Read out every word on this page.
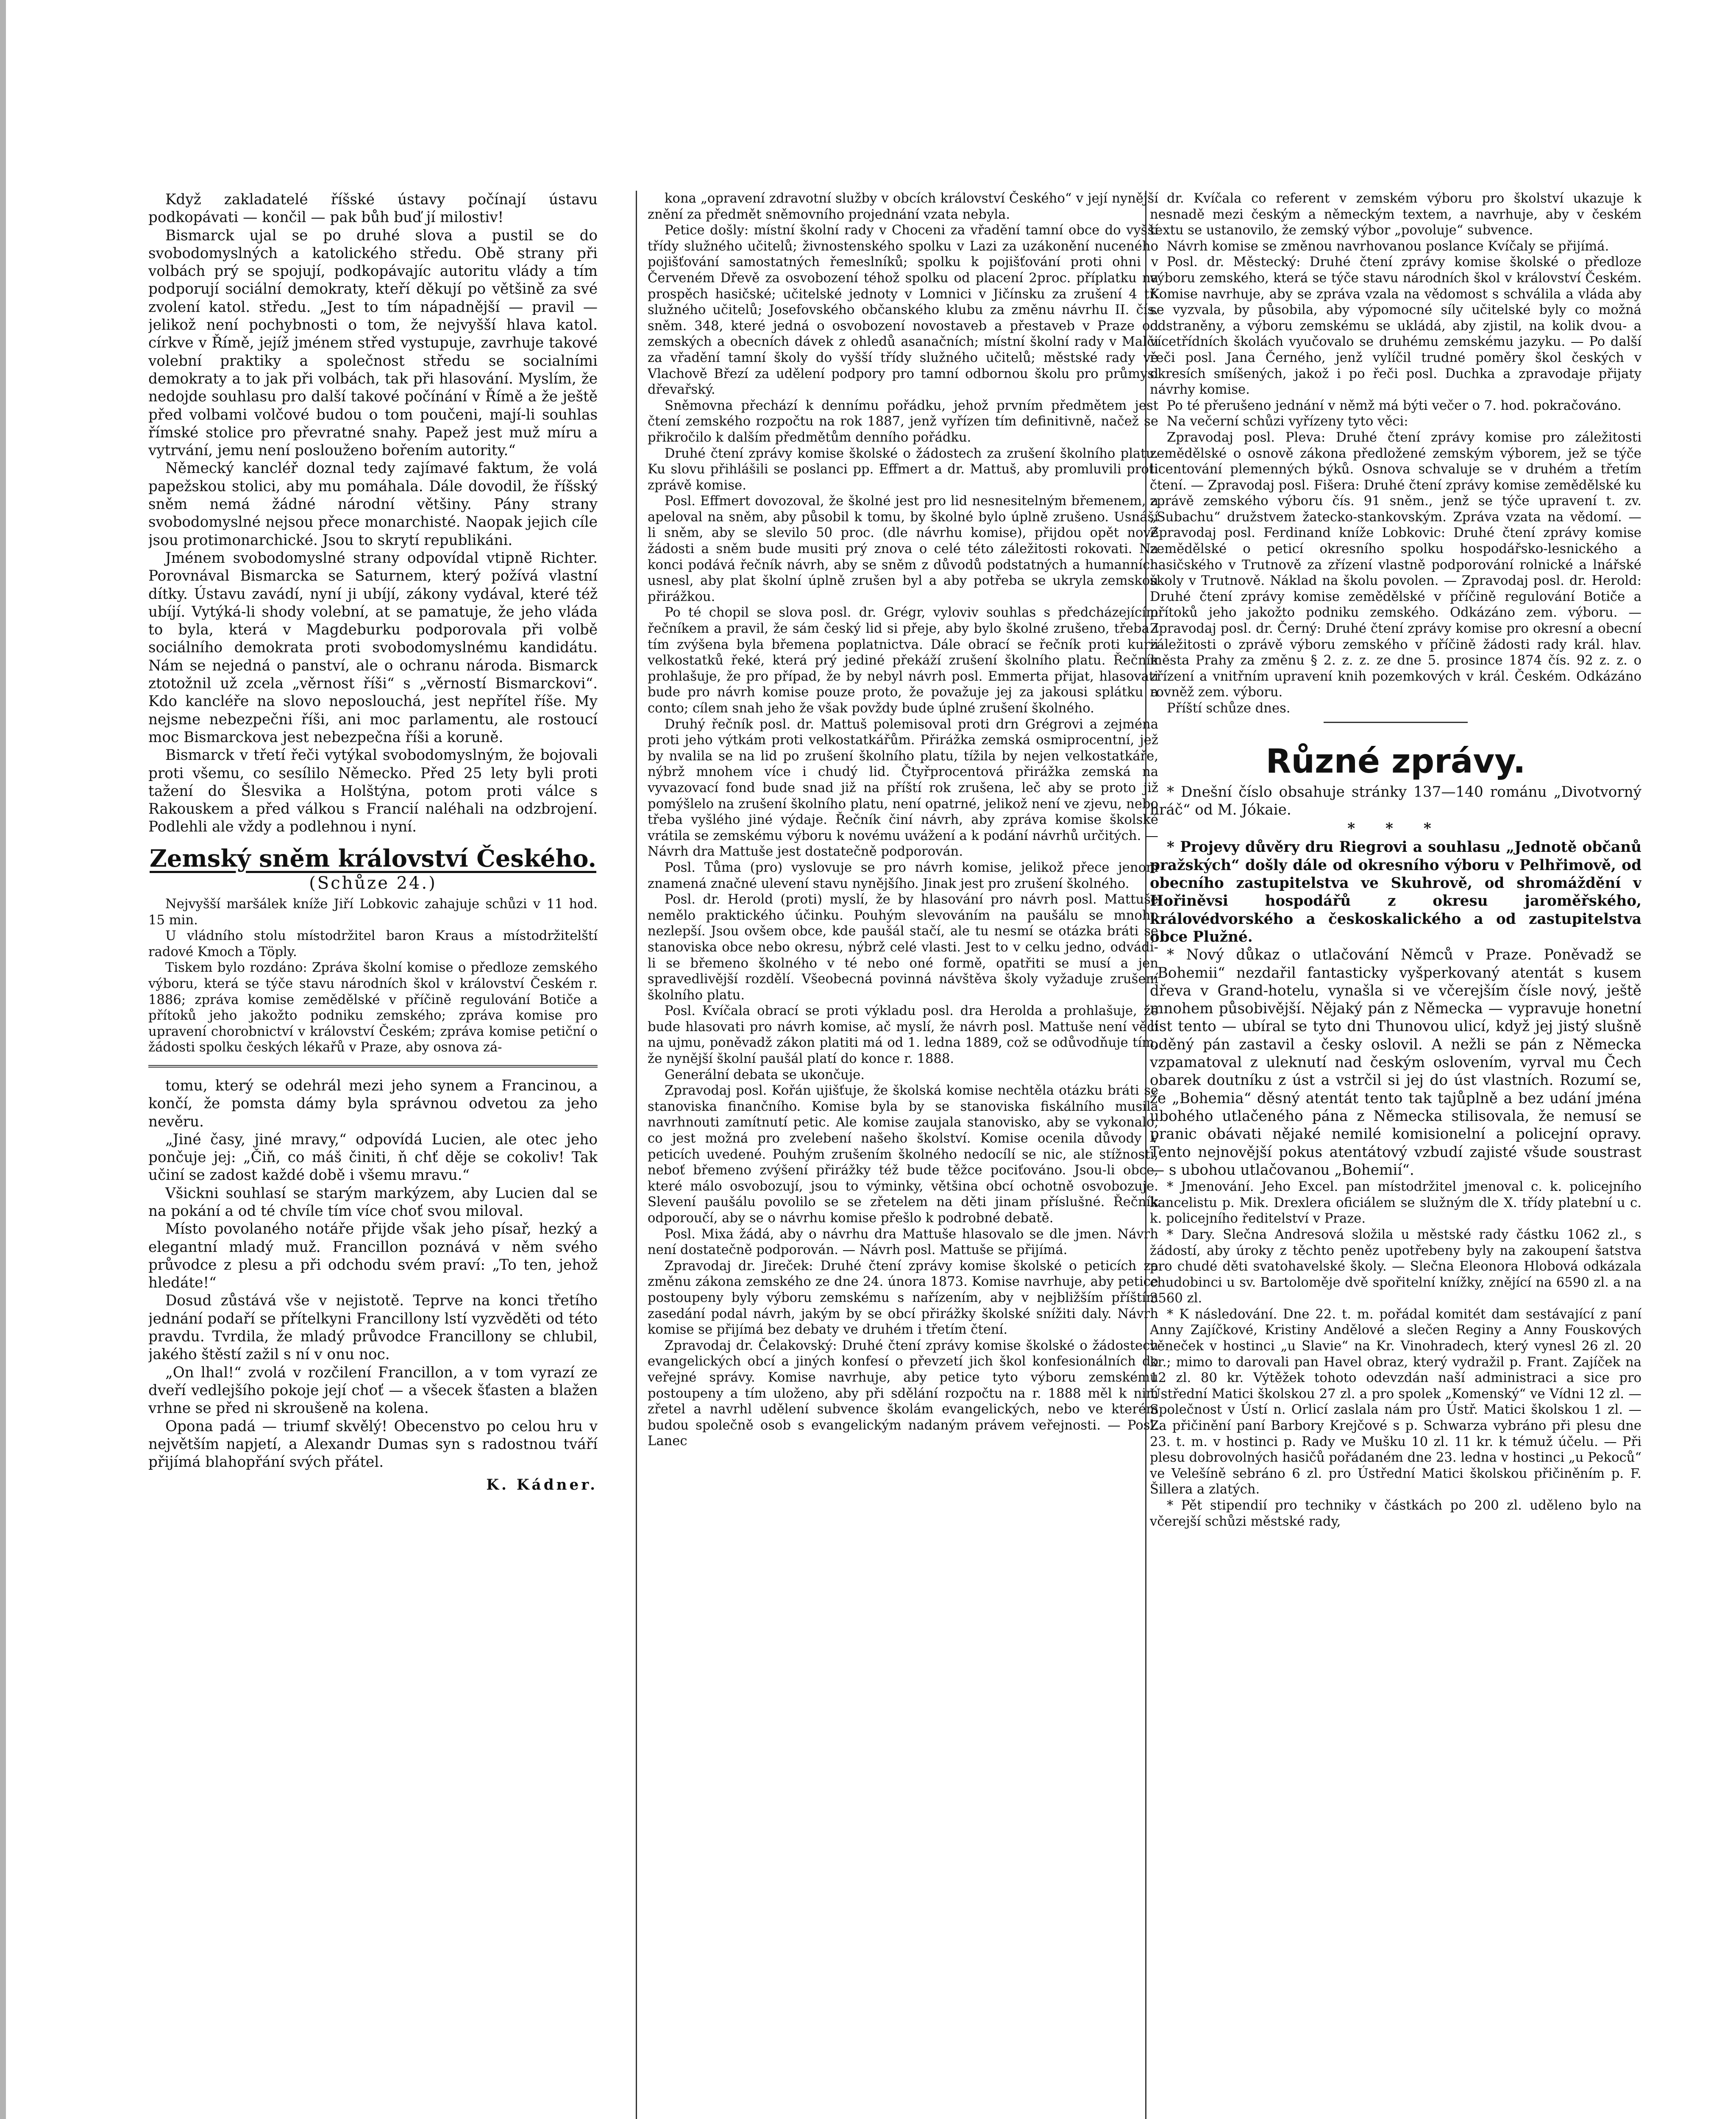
Když zakladatelé říšské ústavy počínají ústavu podkopávati — končil — pak bůh buď jí milostiv!

Bismarck ujal se po druhé slova a pustil se do svobodomyslných a katolického středu. Obě strany při volbách prý se spojují, podkopávajíc autoritu vlády a tím podporují sociální demokraty, kteří děkují po většině za své zvolení katol. středu. „Jest to tím nápadnější — pravil — jelikož není pochybnosti o tom, že nejvyšší hlava katol. církve v Římě, jejíž jménem střed vystupuje, zavrhuje takové volební praktiky a společnost středu se socialními demokraty a to jak při volbách, tak při hlasování. Myslím, že nedojde souhlasu pro další takové počínání v Římě a že ještě před volbami volčové budou o tom poučeni, mají-li souhlas římské stolice pro převratné snahy. Papež jest muž míru a vytrvání, jemu není poslouženo bořením autority.“

Německý kancléř doznal tedy zajímavé faktum, že volá papežskou stolici, aby mu pomáhala. Dále dovodil, že říšský sněm nemá žádné národní většiny. Pány strany svobodomyslné nejsou přece monarchisté. Naopak jejich cíle jsou protimonarchické. Jsou to skrytí republikáni.

Jménem svobodomyslné strany odpovídal vtipně Richter. Porovnával Bismarcka se Saturnem, který požívá vlastní dítky. Ústavu zavádí, nyní ji ubíjí, zákony vydával, které též ubíjí. Vytýká-li shody volební, at se pamatuje, že jeho vláda to byla, která v Magdeburku podporovala při volbě sociálního demokrata proti svobodomyslnému kandidátu. Nám se nejedná o panství, ale o ochranu národa. Bismarck ztotožnil už zcela „věrnost říši“ s „věrností Bismarckovi“. Kdo kancléře na slovo neposlouchá, jest nepřítel říše. My nejsme nebezpečni říši, ani moc parlamentu, ale rostoucí moc Bismarckova jest nebezpečna říši a koruně.

Bismarck v třetí řeči vytýkal svobodomyslným, že bojovali proti všemu, co sesílilo Německo. Před 25 lety byli proti tažení do Šlesvika a Holštýna, potom proti válce s Rakouskem a před válkou s Francií naléhali na odzbrojení. Podlehli ale vždy a podlehnou i nyní.

Zemský sněm království Českého.

(Schůze 24.)

Nejvyšší maršálek kníže Jiří Lobkovic zahajuje schůzi v 11 hod. 15 min.

U vládního stolu místodržitel baron Kraus a místodržitelští radové Kmoch a Töply.

Tiskem bylo rozdáno: Zpráva školní komise o předloze zemského výboru, která se týče stavu národních škol v království Českém r. 1886; zpráva komise zemědělské v příčině regulování Botiče a přítoků jeho jakožto podniku zemského; zpráva komise pro upravení chorobnictví v království Českém; zpráva komise petiční o žádosti spolku českých lékařů v Praze, aby osnova zá-

tomu, který se odehrál mezi jeho synem a Francinou, a končí, že pomsta dámy byla správnou odvetou za jeho nevěru.

„Jiné časy, jiné mravy,“ odpovídá Lucien, ale otec jeho pončuje jej: „Čiň, co máš činiti, ň chť děje se cokoliv! Tak učiní se zadost každé době i všemu mravu.“

Všickni souhlasí se starým markýzem, aby Lucien dal se na pokání a od té chvíle tím více choť svou miloval.

Místo povolaného notáře přijde však jeho písař, hezký a elegantní mladý muž. Francillon poznává v něm svého průvodce z plesu a při odchodu svém praví: „To ten, jehož hledáte!“

Dosud zůstává vše v nejistotě. Teprve na konci třetího jednání podaří se přítelkyni Francillony lstí vyzvěděti od této pravdu. Tvrdila, že mladý průvodce Francillony se chlubil, jakého štěstí zažil s ní v onu noc.

„On lhal!“ zvolá v rozčilení Francillon, a v tom vyrazí ze dveří vedlejšího pokoje její choť — a všecek šťasten a blažen vrhne se před ni skroušeně na kolena.

Opona padá — triumf skvělý! Obecenstvo po celou hru v největším napjetí, a Alexandr Dumas syn s radostnou tváří přijímá blahopřání svých přátel.

K. Kádner.

kona „opravení zdravotní služby v obcích království Českého“ v její nynější znění za předmět sněmovního projednání vzata nebyla.

Petice došly: místní školní rady v Choceni za vřadění tamní obce do vyšší třídy služného učitelů; živnostenského spolku v Lazi za uzákonění nuceného pojišťování samostatných řemeslníků; spolku k pojišťování proti ohni v Červeném Dřevě za osvobození téhož spolku od placení 2proc. příplatku na prospěch hasičské; učitelské jednoty v Lomnici v Jičínsku za zrušení 4 tř. služného učitelů; Josefovského občanského klubu za změnu návrhu II. čís. sněm. 348, které jedná o osvobození novostaveb a přestaveb v Praze od zemských a obecních dávek z ohledů asanačních; místní školní rady v Malči za vřadění tamní školy do vyšší třídy služného učitelů; městské rady ve Vlachově Březí za udělení podpory pro tamní odbornou školu pro průmysl dřevařský.

Sněmovna přechází k dennímu pořádku, jehož prvním předmětem jest čtení zemského rozpočtu na rok 1887, jenž vyřízen tím definitivně, načež se přikročilo k dalším předmětům denního pořádku.

Druhé čtení zprávy komise školské o žádostech za zrušení školního platu. Ku slovu přihlášili se poslanci pp. Effmert a dr. Mattuš, aby promluvili proti zprávě komise.

Posl. Effmert dovozoval, že školné jest pro lid nesnesitelným břemenem, a apeloval na sněm, aby působil k tomu, by školné bylo úplně zrušeno. Usnáší li sněm, aby se slevilo 50 proc. (dle návrhu komise), přijdou opět nové žádosti a sněm bude musiti prý znova o celé této záležitosti rokovati. Na konci podává řečník návrh, aby se sněm z důvodů podstatných a humanních usnesl, aby plat školní úplně zrušen byl a aby potřeba se ukryla zemskou přirážkou.

Po té chopil se slova posl. dr. Grégr, vyloviv souhlas s předcházejícím řečníkem a pravil, že sám český lid si přeje, aby bylo školné zrušeno, třeba i tím zvýšena byla břemena poplatnictva. Dále obrací se řečník proti kurii velkostatků řeké, která prý jediné překáží zrušení školního platu. Řečník prohlašuje, že pro případ, že by nebyl návrh posl. Emmerta přijat, hlasovati bude pro návrh komise pouze proto, že považuje jej za jakousi splátku a conto; cílem snah jeho že však povždy bude úplné zrušení školného.

Druhý řečník posl. dr. Mattuš polemisoval proti drn Grégrovi a zejména proti jeho výtkám proti velkostatkářům. Přirážka zemská osmiprocentní, jež by nvalila se na lid po zrušení školního platu, tížila by nejen velkostatkáře, nýbrž mnohem více i chudý lid. Čtyřprocentová přirážka zemská na vyvazovací fond bude snad již na příští rok zrušena, leč aby se proto již pomýšlelo na zrušení školního platu, není opatrné, jelikož není ve zjevu, nebo třeba vyšlého jiné výdaje. Řečník činí návrh, aby zpráva komise školské vrátila se zemskému výboru k novému uvážení a k podání návrhů určitých. — Návrh dra Mattuše jest dostatečně podporován.

Posl. Tůma (pro) vyslovuje se pro návrh komise, jelikož přece jenom znamená značné ulevení stavu nynějšího. Jinak jest pro zrušení školného.

Posl. dr. Herold (proti) myslí, že by hlasování pro návrh posl. Mattuše nemělo praktického účinku. Pouhým slevováním na paušálu se mnoho nezlepší. Jsou ovšem obce, kde paušál stačí, ale tu nesmí se otázka bráti se stanoviska obce nebo okresu, nýbrž celé vlasti. Jest to v celku jedno, odvádí-li se břemeno školného v té nebo oné formě, opatřiti se musí a jen spravedlivější rozdělí. Všeobecná povinná návštěva školy vyžaduje zrušení školního platu.

Posl. Kvíčala obrací se proti výkladu posl. dra Herolda a prohlašuje, že bude hlasovati pro návrh komise, ač myslí, že návrh posl. Mattuše není věcí na ujmu, poněvadž zákon platiti má od 1. ledna 1889, což se odůvodňuje tím, že nynější školní paušál platí do konce r. 1888.

Generální debata se ukončuje.

Zpravodaj posl. Kořán ujišťuje, že školská komise nechtěla otázku bráti se stanoviska finančního. Komise byla by se stanoviska fiskálního musila navrhnouti zamítnutí petic. Ale komise zaujala stanovisko, aby se vykonalo, co jest možná pro zvelebení našeho školství. Komise ocenila důvody v peticích uvedené. Pouhým zrušením školného nedocílí se nic, ale stížnosti, neboť břemeno zvýšení přirážky též bude těžce pociťováno. Jsou-li obce, které málo osvobozují, jsou to výminky, většina obcí ochotně osvobozuje. Slevení paušálu povolilo se se zřetelem na děti jinam příslušné. Řečník odporoučí, aby se o návrhu komise přešlo k podrobné debatě.

Posl. Mixa žádá, aby o návrhu dra Mattuše hlasovalo se dle jmen. Návrh není dostatečně podporován. — Návrh posl. Mattuše se přijímá.

Zpravodaj dr. Jireček: Druhé čtení zprávy komise školské o peticích za změnu zákona zemského ze dne 24. února 1873. Komise navrhuje, aby petice postoupeny byly výboru zemskému s nařízením, aby v nejbližším příštím zasedání podal návrh, jakým by se obcí přirážky školské snížiti daly. Návrh komise se přijímá bez debaty ve druhém i třetím čtení.

Zpravodaj dr. Čelakovský: Druhé čtení zprávy komise školské o žádostech evangelických obcí a jiných konfesí o převzetí jich škol konfesionálních do veřejné správy. Komise navrhuje, aby petice tyto výboru zemskému postoupeny a tím uloženo, aby při sdělání rozpočtu na r. 1888 měl k nim zřetel a navrhl udělení subvence školám evangelických, nebo ve kterém budou společně osob s evangelickým nadaným právem veřejnosti. — Posl. Lanec

dr. Kvíčala co referent v zemském výboru pro školství ukazuje k nesnadě mezi českým a německým textem, a navrhuje, aby v českém textu se ustanovilo, že zemský výbor „povoluje“ subvence.

Návrh komise se změnou navrhovanou poslance Kvíčaly se přijímá.

Posl. dr. Městecký: Druhé čtení zprávy komise školské o předloze výboru zemského, která se týče stavu národních škol v království Českém. Komise navrhuje, aby se zpráva vzala na vědomost s schválila a vláda aby se vyzvala, by působila, aby výpomocné síly učitelské byly co možná odstraněny, a výboru zemskému se ukládá, aby zjistil, na kolik dvou- a vícetřídních školách vyučovalo se druhému zemskému jazyku. — Po další řeči posl. Jana Černého, jenž vylíčil trudné poměry škol českých v okresích smíšených, jakož i po řeči posl. Duchka a zpravodaje přijaty návrhy komise.

Po té přerušeno jednání v němž má býti večer o 7. hod. pokračováno.

Na večerní schůzi vyřízeny tyto věci:

Zpravodaj posl. Pleva: Druhé čtení zprávy komise pro záležitosti zemědělské o osnově zákona předložené zemským výborem, jež se týče licentování plemenných býků. Osnova schvaluje se v druhém a třetím čtení. — Zpravodaj posl. Fišera: Druhé čtení zprávy komise zemědělské ku zprávě zemského výboru čís. 91 sněm., jenž se týče upravení t. zv. „Subachu“ družstvem žatecko-stankovským. Zpráva vzata na vědomí. — Zpravodaj posl. Ferdinand kníže Lobkovic: Druhé čtení zprávy komise zemědělské o peticí okresního spolku hospodářsko-lesnického a hasičského v Trutnově za zřízení vlastně podporování rolnické a lnářské školy v Trutnově. Náklad na školu povolen. — Zpravodaj posl. dr. Herold: Druhé čtení zprávy komise zemědělské v příčině regulování Botiče a přítoků jeho jakožto podniku zemského. Odkázáno zem. výboru. — Zpravodaj posl. dr. Černý: Druhé čtení zprávy komise pro okresní a obecní záležitosti o zprávě výboru zemského v příčině žádosti rady král. hlav. města Prahy za změnu § 2. z. z. ze dne 5. prosince 1874 čís. 92 z. z. o zřízení a vnitřním upravení knih pozemkových v král. Českém. Odkázáno rovněž zem. výboru.

Příští schůze dnes.

Různé zprávy.

* Dnešní číslo obsahuje stránky 137—140 románu „Divotvorný hráč“ od M. Jókaie.

* * *

* Projevy důvěry dru Riegrovi a souhlasu „Jednotě občanů pražských“ došly dále od okresního výboru v Pelhřimově, od obecního zastupitelstva ve Skuhrově, od shromáždění v Hořiněvsi hospodářů z okresu jaroměřského, královédvorského a českoskalického a od zastupitelstva obce Plužné.

* Nový důkaz o utlačování Němců v Praze. Poněvadž se „Bohemii“ nezdařil fantasticky vyšperkovaný atentát s kusem dřeva v Grand-hotelu, vynašla si ve včerejším čísle nový, ještě mnohem působivější. Nějaký pán z Německa — vypravuje honetní list tento — ubíral se tyto dni Thunovou ulicí, když jej jistý slušně oděný pán zastavil a česky oslovil. A nežli se pán z Německa vzpamatoval z uleknutí nad českým oslovením, vyrval mu Čech obarek doutníku z úst a vstrčil si jej do úst vlastních. Rozumí se, že „Bohemia“ děsný atentát tento tak tajůplně a bez udání jména ubohého utlačeného pána z Německa stilisovala, že nemusí se pranic obávati nějaké nemilé komisionelní a policejní opravy. Tento nejnovější pokus atentátový vzbudí zajisté všude soustrast — s ubohou utlačovanou „Bohemií“.

* Jmenování. Jeho Excel. pan místodržitel jmenoval c. k. policejního kancelistu p. Mik. Drexlera oficiálem se služným dle X. třídy platební u c. k. policejního ředitelství v Praze.

* Dary. Slečna Andresová složila u městské rady částku 1062 zl., s žádostí, aby úroky z těchto peněz upotřebeny byly na zakoupení šatstva pro chudé děti svatohavelské školy. — Slečna Eleonora Hlobová odkázala chudobinci u sv. Bartoloměje dvě spořitelní knížky, znějící na 6590 zl. a na 3560 zl.

* K následování. Dne 22. t. m. pořádal komitét dam sestávající z paní Anny Zajíčkové, Kristiny Andělové a slečen Reginy a Anny Fouskových věneček v hostinci „u Slavie“ na Kr. Vinohradech, který vynesl 26 zl. 20 kr.; mimo to darovali pan Havel obraz, který vydražil p. Frant. Zajíček na 12 zl. 80 kr. Výtěžek tohoto odevzdán naší administraci a sice pro Ústřední Matici školskou 27 zl. a pro spolek „Komenský“ ve Vídni 12 zl. — Společnost v Ústí n. Orlicí zaslala nám pro Ústř. Matici školskou 1 zl. — Za přičinění paní Barbory Krejčové s p. Schwarza vybráno při plesu dne 23. t. m. v hostinci p. Rady ve Mušku 10 zl. 11 kr. k témuž účelu. — Při plesu dobrovolných hasičů pořádaném dne 23. ledna v hostinci „u Pekoců“ ve Velešíně sebráno 6 zl. pro Ústřední Matici školskou přičiněním p. F. Šillera a zlatých.

* Pět stipendií pro techniky v částkách po 200 zl. uděleno bylo na včerejší schůzi městské rady,
